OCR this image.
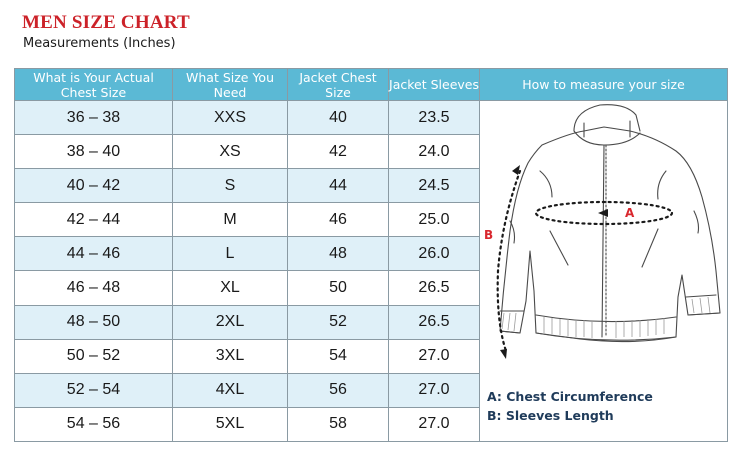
MEN SIZE CHART
Measurements (Inches)
What is Your Actual Chest Size	What Size You Need	Jacket Chest Size	Jacket Sleeves	How to measure your size
36 – 38	XXS	40	23.5	A
B
A: Chest Circumference
B: Sleeves Length

38 – 40	XS	42	24.0	
40 – 42	S	44	24.5	
42 – 44	M	46	25.0	
44 – 46	L	48	26.0	
46 – 48	XL	50	26.5	
48 – 50	2XL	52	26.5	
50 – 52	3XL	54	27.0	
52 – 54	4XL	56	27.0	
54 – 56	5XL	58	27.0	
